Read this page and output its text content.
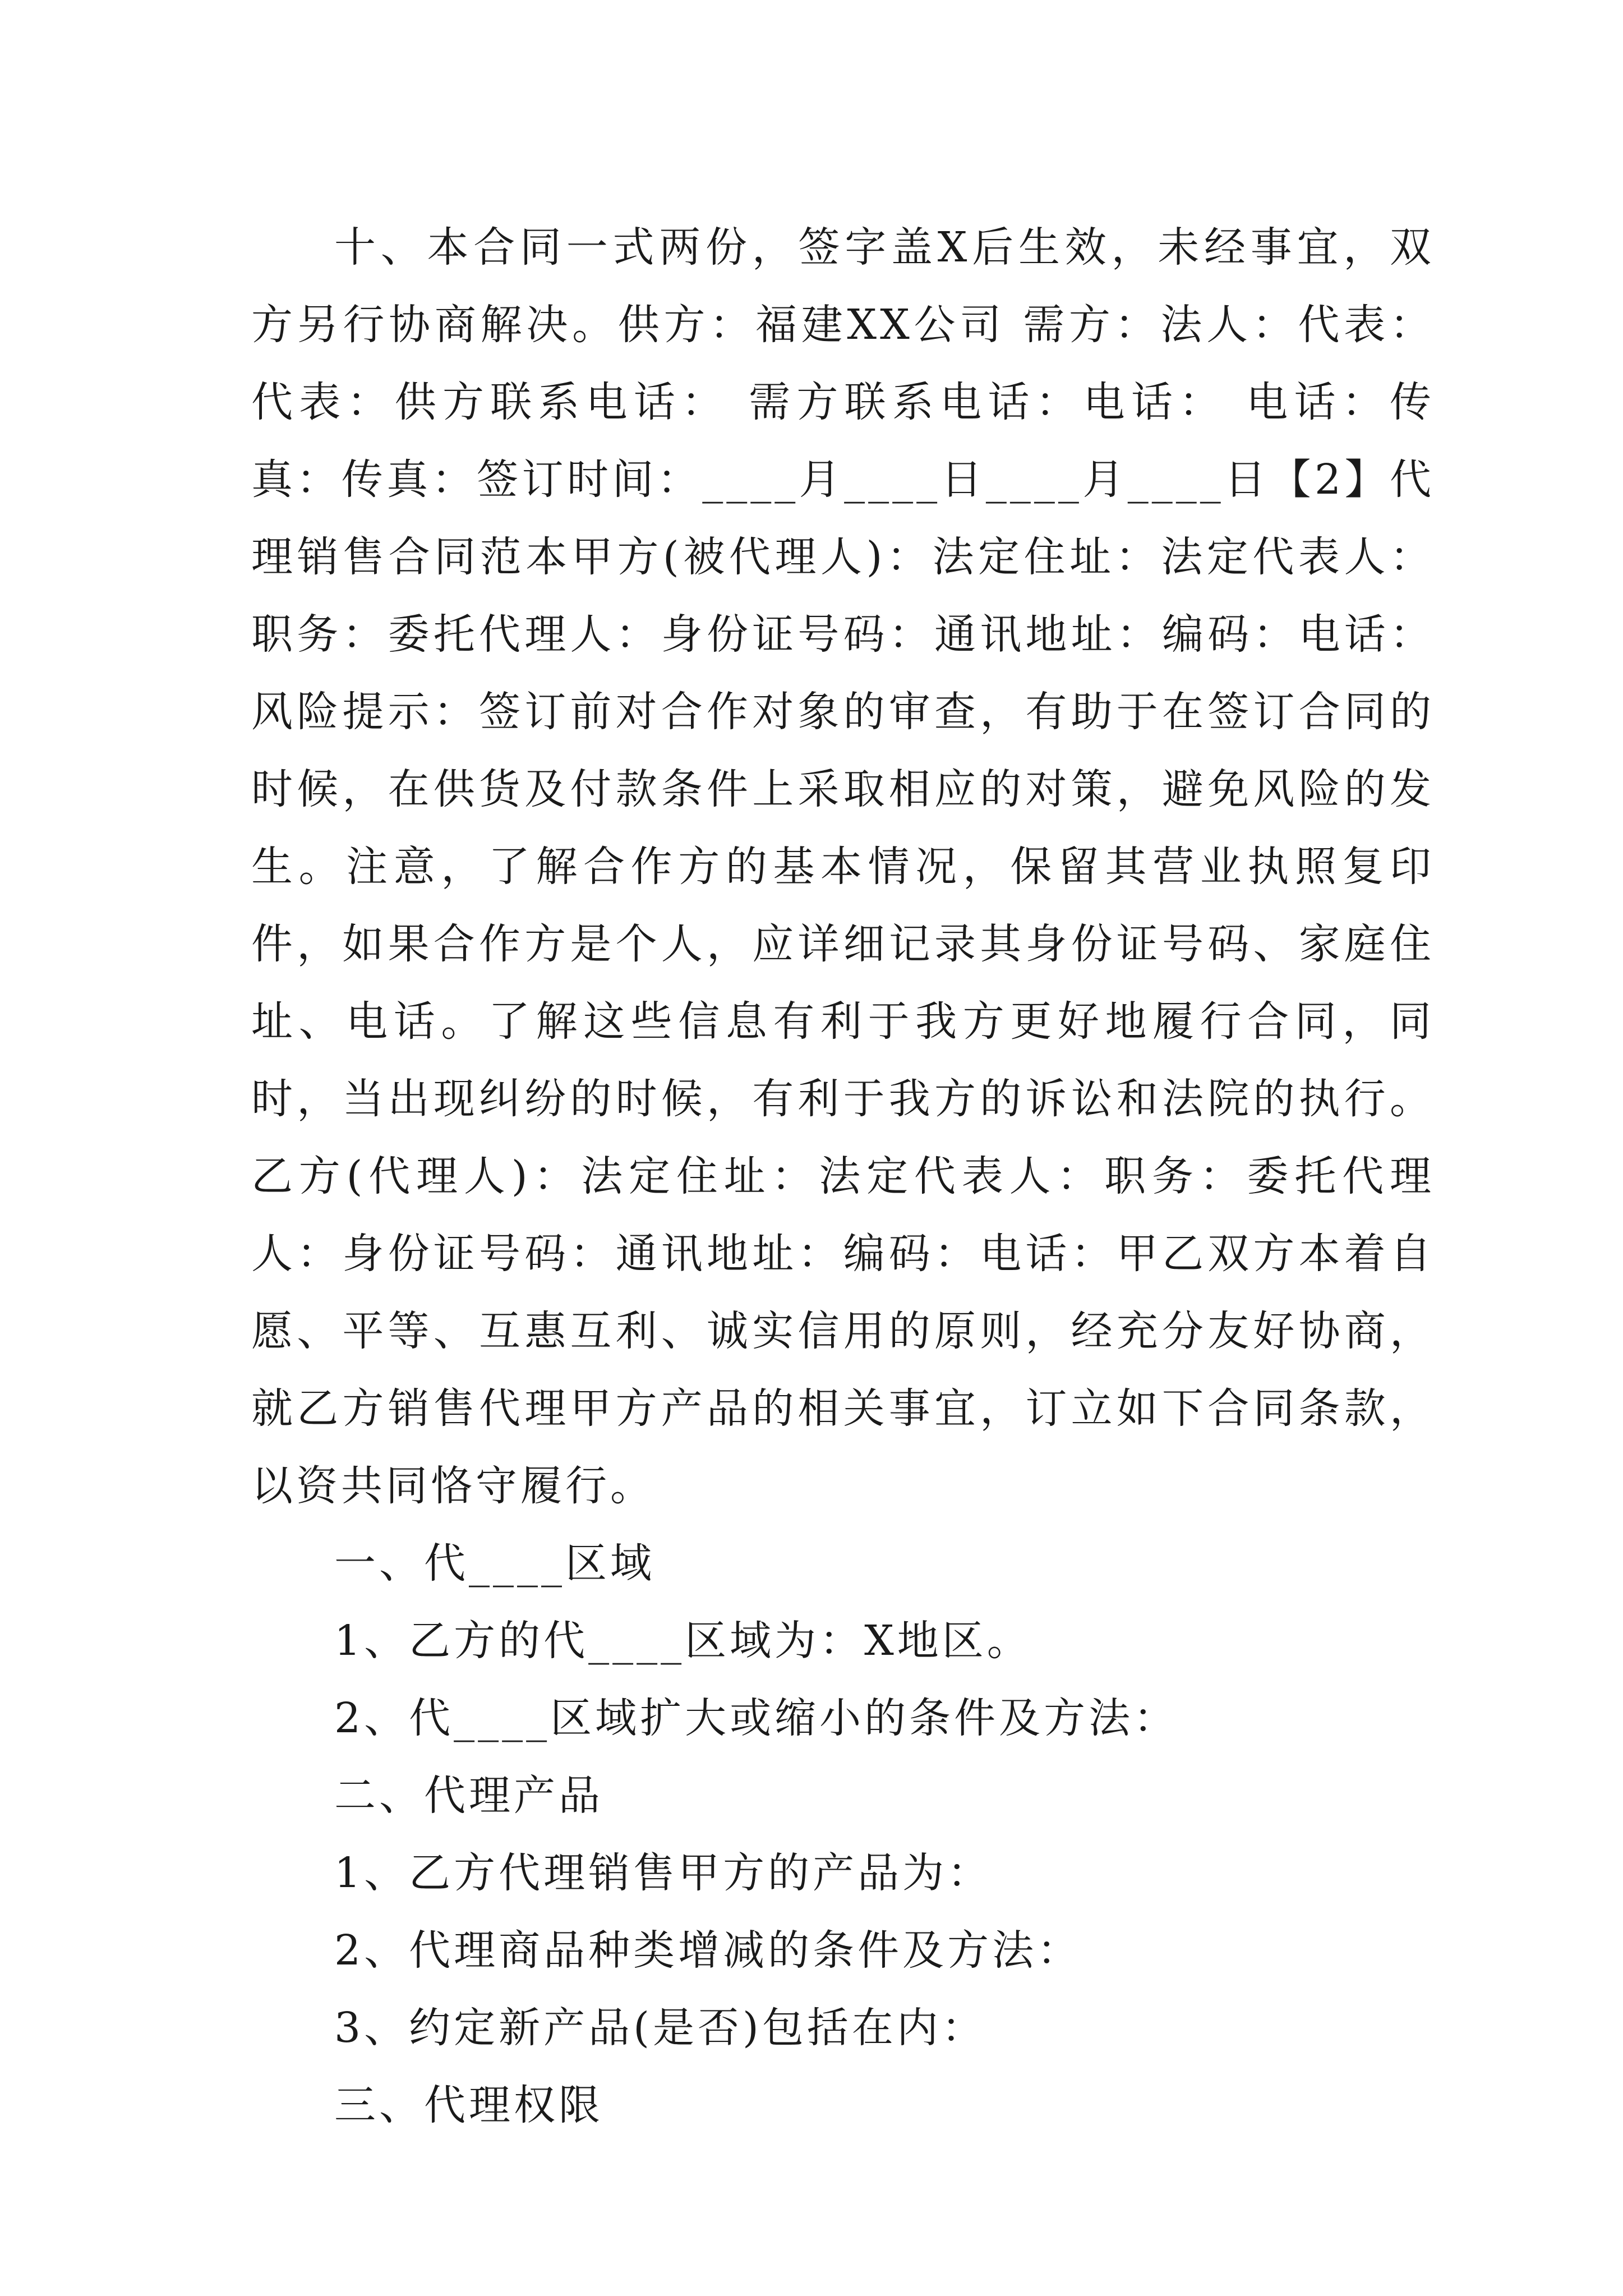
十、本合同一式两份，签字盖X后生效，未经事宜，双方另行协商解决。供方：福建XX公司 需方：法人：代表：代表：供方联系电话： 需方联系电话：电话： 电话：传真：传真：签订时间：____月____日____月____日【2】代理销售合同范本甲方(被代理人)：法定住址：法定代表人：职务：委托代理人：身份证号码：通讯地址：编码：电话：风险提示：签订前对合作对象的审查，有助于在签订合同的时候，在供货及付款条件上采取相应的对策，避免风险的发生。注意，了解合作方的基本情况，保留其营业执照复印件，如果合作方是个人，应详细记录其身份证号码、家庭住址、电话。了解这些信息有利于我方更好地履行合同，同时，当出现纠纷的时候，有利于我方的诉讼和法院的执行。乙方(代理人)：法定住址：法定代表人：职务：委托代理人：身份证号码：通讯地址：编码：电话：甲乙双方本着自愿、平等、互惠互利、诚实信用的原则，经充分友好协商，就乙方销售代理甲方产品的相关事宜，订立如下合同条款，以资共同恪守履行。

一、代____区域

1、乙方的代____区域为：X地区。

2、代____区域扩大或缩小的条件及方法：

二、代理产品

1、乙方代理销售甲方的产品为：

2、代理商品种类增减的条件及方法：

3、约定新产品(是否)包括在内：

三、代理权限
